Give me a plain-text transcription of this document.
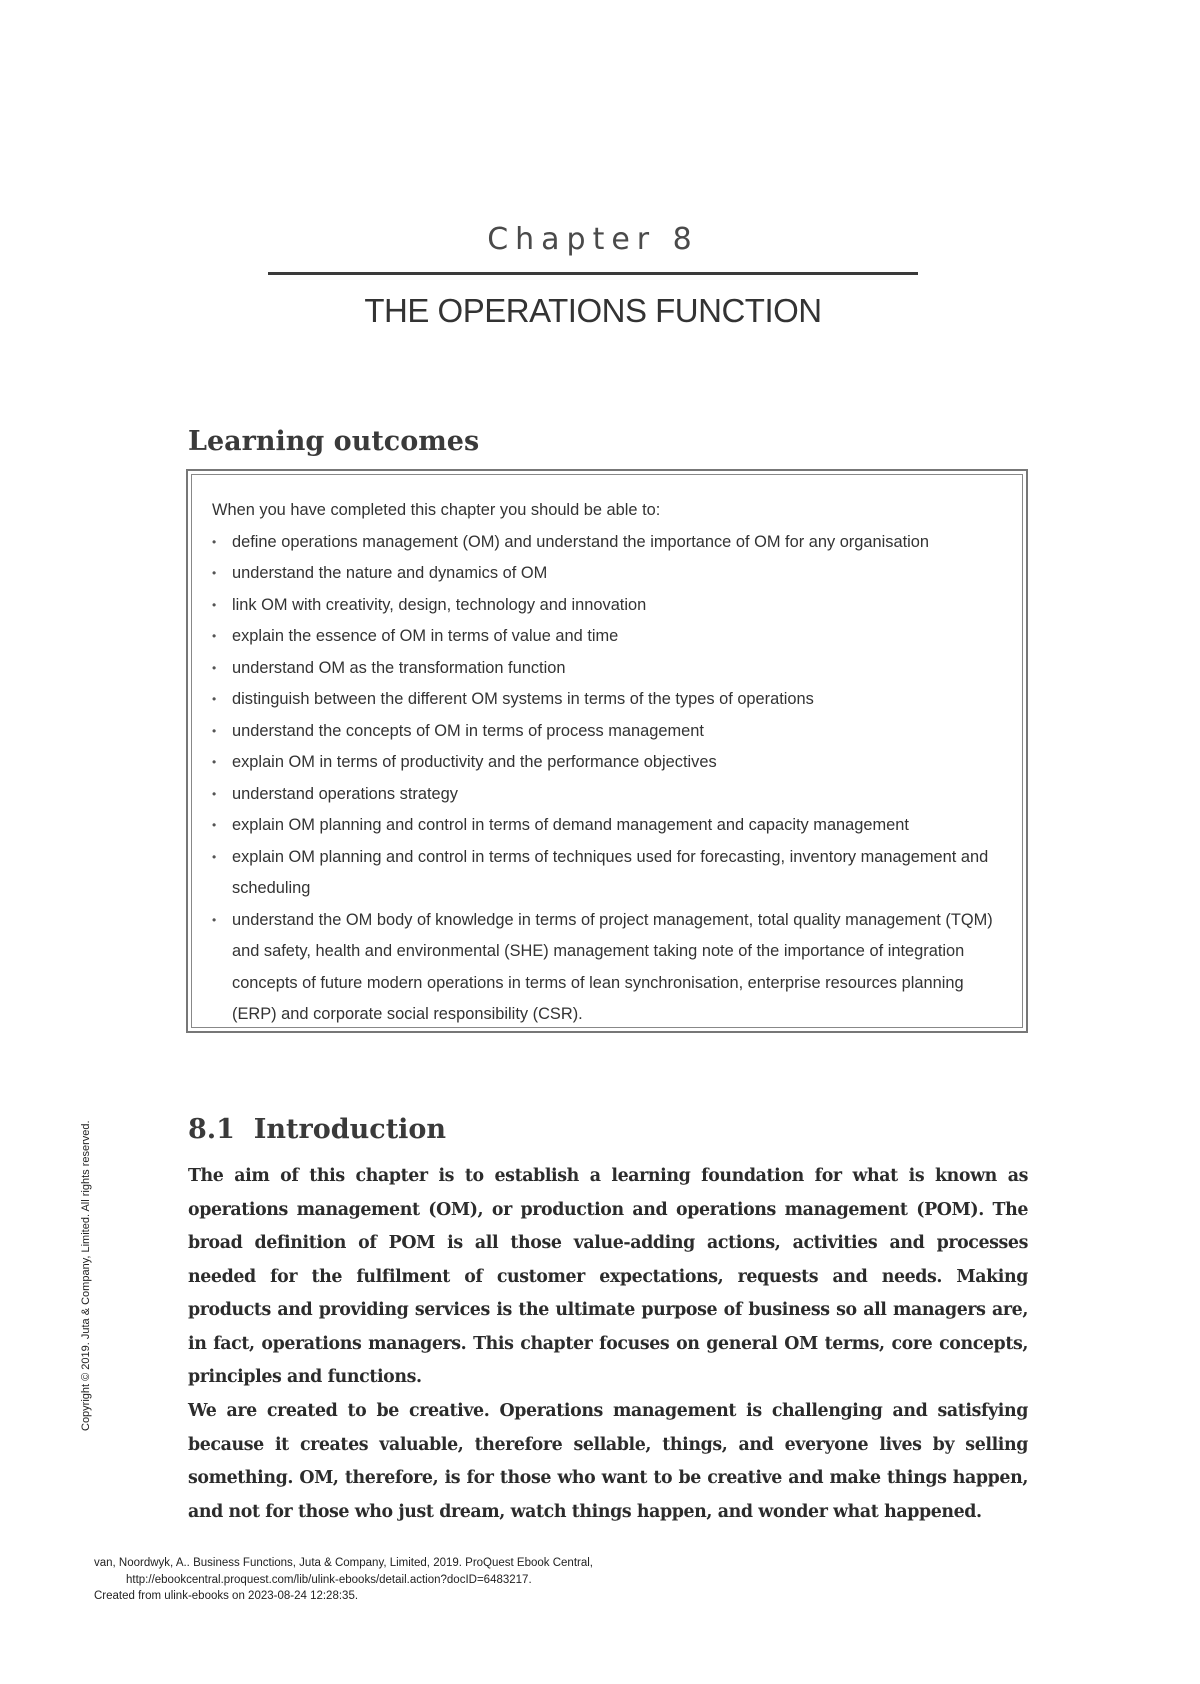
Chapter 8
THE OPERATIONS FUNCTION
Learning outcomes

When you have completed this chapter you should be able to:

• define operations management (OM) and understand the importance of OM for any organisation
• understand the nature and dynamics of OM
• link OM with creativity, design, technology and innovation
• explain the essence of OM in terms of value and time
• understand OM as the transformation function
• distinguish between the different OM systems in terms of the types of operations
• understand the concepts of OM in terms of process management
• explain OM in terms of productivity and the performance objectives
• understand operations strategy
• explain OM planning and control in terms of demand management and capacity management
• explain OM planning and control in terms of techniques used for forecasting, inventory management and scheduling
• understand the OM body of knowledge in terms of project management, total quality management (TQM) and safety, health and environmental (SHE) management taking note of the importance of integration concepts of future modern operations in terms of lean synchronisation, enterprise resources planning (ERP) and corporate social responsibility (CSR).
Copyright © 2019. Juta & Company, Limited. All rights reserved.	8.1  Introduction

The aim of this chapter is to establish a learning foundation for what is known as operations management (OM), or production and operations management (POM). The broad definition of POM is all those value-adding actions, activities and processes needed for the fulfilment of customer expectations, requests and needs. Making products and providing services is the ultimate purpose of business so all managers are, in fact, operations managers. This chapter focuses on general OM terms, core concepts, principles and functions.

We are created to be creative. Operations management is challenging and satisfying because it creates valuable, therefore sellable, things, and everyone lives by selling something. OM, therefore, is for those who want to be creative and make things happen, and not for those who just dream, watch things happen, and wonder what happened.

van, Noordwyk, A.. Business Functions, Juta & Company, Limited, 2019. ProQuest Ebook Central,
http://ebookcentral.proquest.com/lib/ulink-ebooks/detail.action?docID=6483217.
Created from ulink-ebooks on 2023-08-24 12:28:35.
